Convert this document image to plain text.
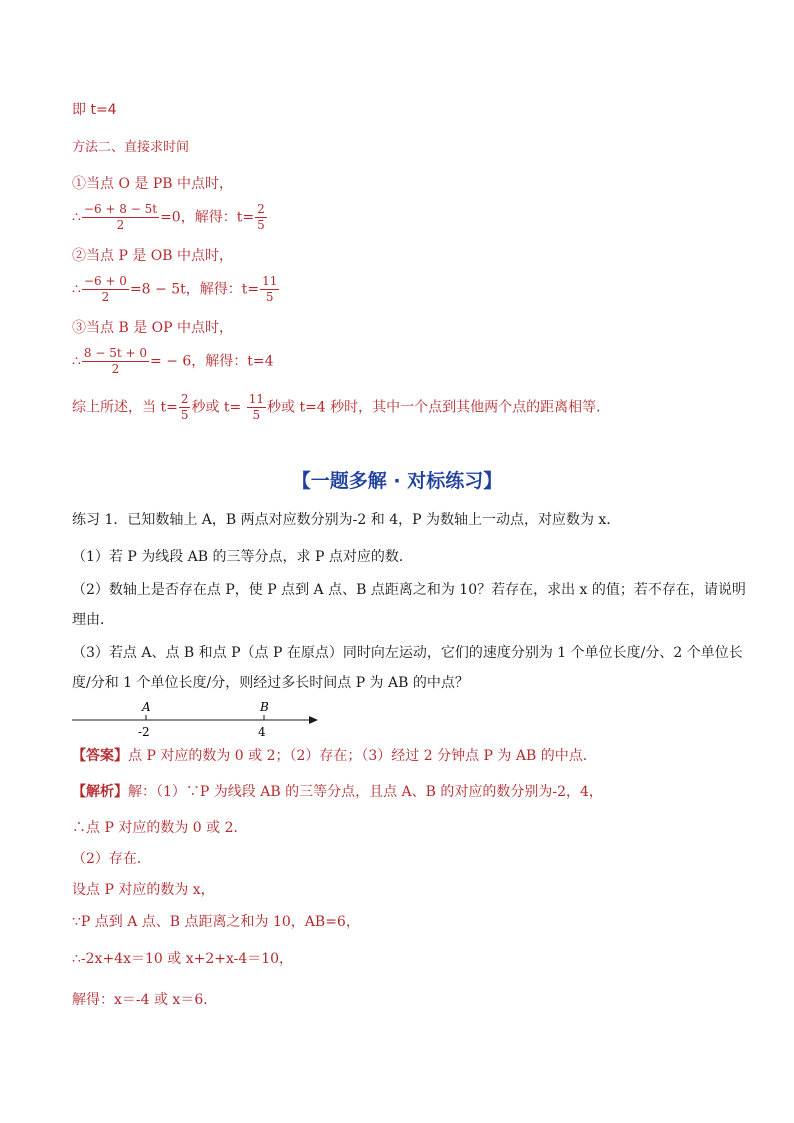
即 t=4
方法二、直接求时间
①当点 O 是 PB 中点时，
∴ $\frac{-6 + 8 - 5t}{2} =0$，解得：$t= \frac{2}{5}$
②当点 P 是 OB 中点时，
∴ $\frac{-6 + 0}{2} =8 - 5t$，解得：$t= \frac{11}{5}$
③当点 B 是 OP 中点时，
∴ $\frac{8 - 5t + 0}{2}$ = − 6，解得：t=4
综上所述，当 $t= \frac{2}{5}$ 秒或 $t= \frac{11}{5}$ 秒或 t=4 秒时，其中一个点到其他两个点的距离相等．
【一题多解 · 对标练习】
练习 1．已知数轴上 A，B 两点对应数分别为-2 和 4，P 为数轴上一动点，对应数为 x．
（1）若 P 为线段 AB 的三等分点，求 P 点对应的数．
（2）数轴上是否存在点 P，使 P 点到 A 点、B 点距离之和为 10？若存在，求出 x 的值；若不存在，请说明
理由．
（3）若点 A、点 B 和点 P（点 P 在原点）同时向左运动，它们的速度分别为 1 个单位长度/分、2 个单位长
度/分和 1 个单位长度/分，则经过多长时间点 P 为 AB 的中点？
A	B
-2	4
【答案】点 P 对应的数为 0 或 2；（2）存在；（3）经过 2 分钟点 P 为 AB 的中点．
【解析】解：（1）∵P 为线段 AB 的三等分点，且点 A、B 的对应的数分别为-2，4，
∴点 P 对应的数为 0 或 2．
（2）存在．
设点 P 对应的数为 x，
∵P 点到 A 点、B 点距离之和为 10，AB=6，
∴-2x+4x＝10 或 x+2+x-4＝10，
解得：x＝-4 或 x＝6．
